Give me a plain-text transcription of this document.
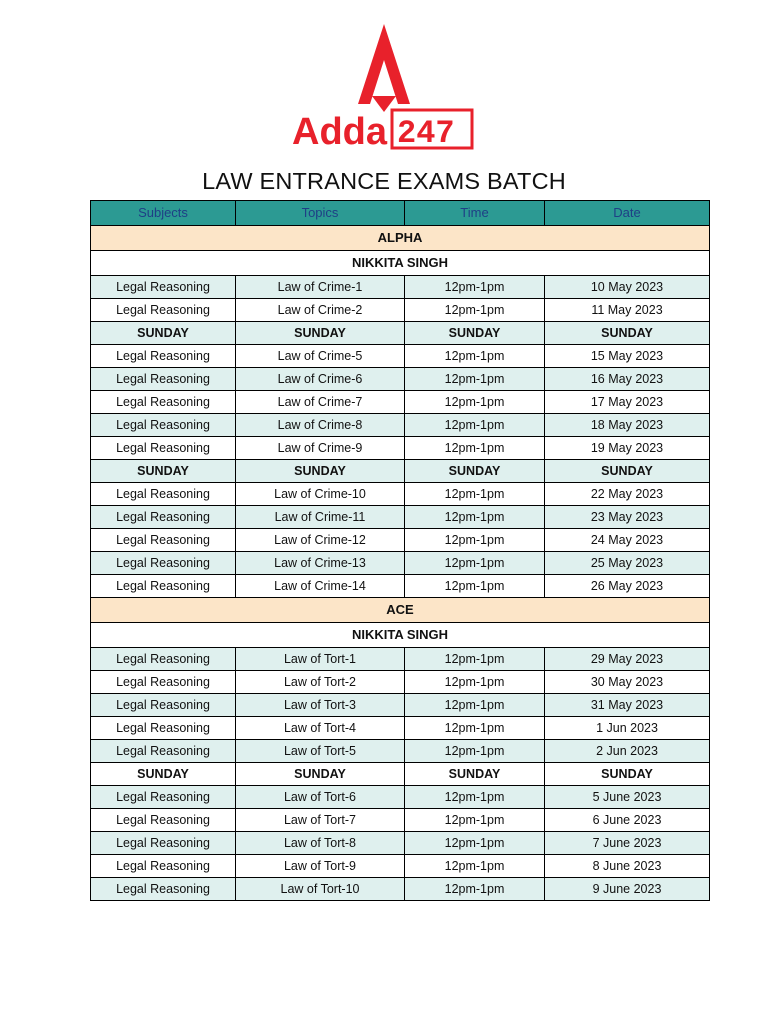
Adda 247
LAW ENTRANCE EXAMS BATCH
Subjects	Topics	Time	Date
ALPHA			
NIKKITA SINGH			
Legal Reasoning	Law of Crime-1	12pm-1pm	10 May 2023
Legal Reasoning	Law of Crime-2	12pm-1pm	11 May 2023
SUNDAY	SUNDAY	SUNDAY	SUNDAY
Legal Reasoning	Law of Crime-5	12pm-1pm	15 May 2023
Legal Reasoning	Law of Crime-6	12pm-1pm	16 May 2023
Legal Reasoning	Law of Crime-7	12pm-1pm	17 May 2023
Legal Reasoning	Law of Crime-8	12pm-1pm	18 May 2023
Legal Reasoning	Law of Crime-9	12pm-1pm	19 May 2023
SUNDAY	SUNDAY	SUNDAY	SUNDAY
Legal Reasoning	Law of Crime-10	12pm-1pm	22 May 2023
Legal Reasoning	Law of Crime-11	12pm-1pm	23 May 2023
Legal Reasoning	Law of Crime-12	12pm-1pm	24 May 2023
Legal Reasoning	Law of Crime-13	12pm-1pm	25 May 2023
Legal Reasoning	Law of Crime-14	12pm-1pm	26 May 2023
ACE			
NIKKITA SINGH			
Legal Reasoning	Law of Tort-1	12pm-1pm	29 May 2023
Legal Reasoning	Law of Tort-2	12pm-1pm	30 May 2023
Legal Reasoning	Law of Tort-3	12pm-1pm	31 May 2023
Legal Reasoning	Law of Tort-4	12pm-1pm	1 Jun 2023
Legal Reasoning	Law of Tort-5	12pm-1pm	2 Jun 2023
SUNDAY	SUNDAY	SUNDAY	SUNDAY
Legal Reasoning	Law of Tort-6	12pm-1pm	5 June 2023
Legal Reasoning	Law of Tort-7	12pm-1pm	6 June 2023
Legal Reasoning	Law of Tort-8	12pm-1pm	7 June 2023
Legal Reasoning	Law of Tort-9	12pm-1pm	8 June 2023
Legal Reasoning	Law of Tort-10	12pm-1pm	9 June 2023
